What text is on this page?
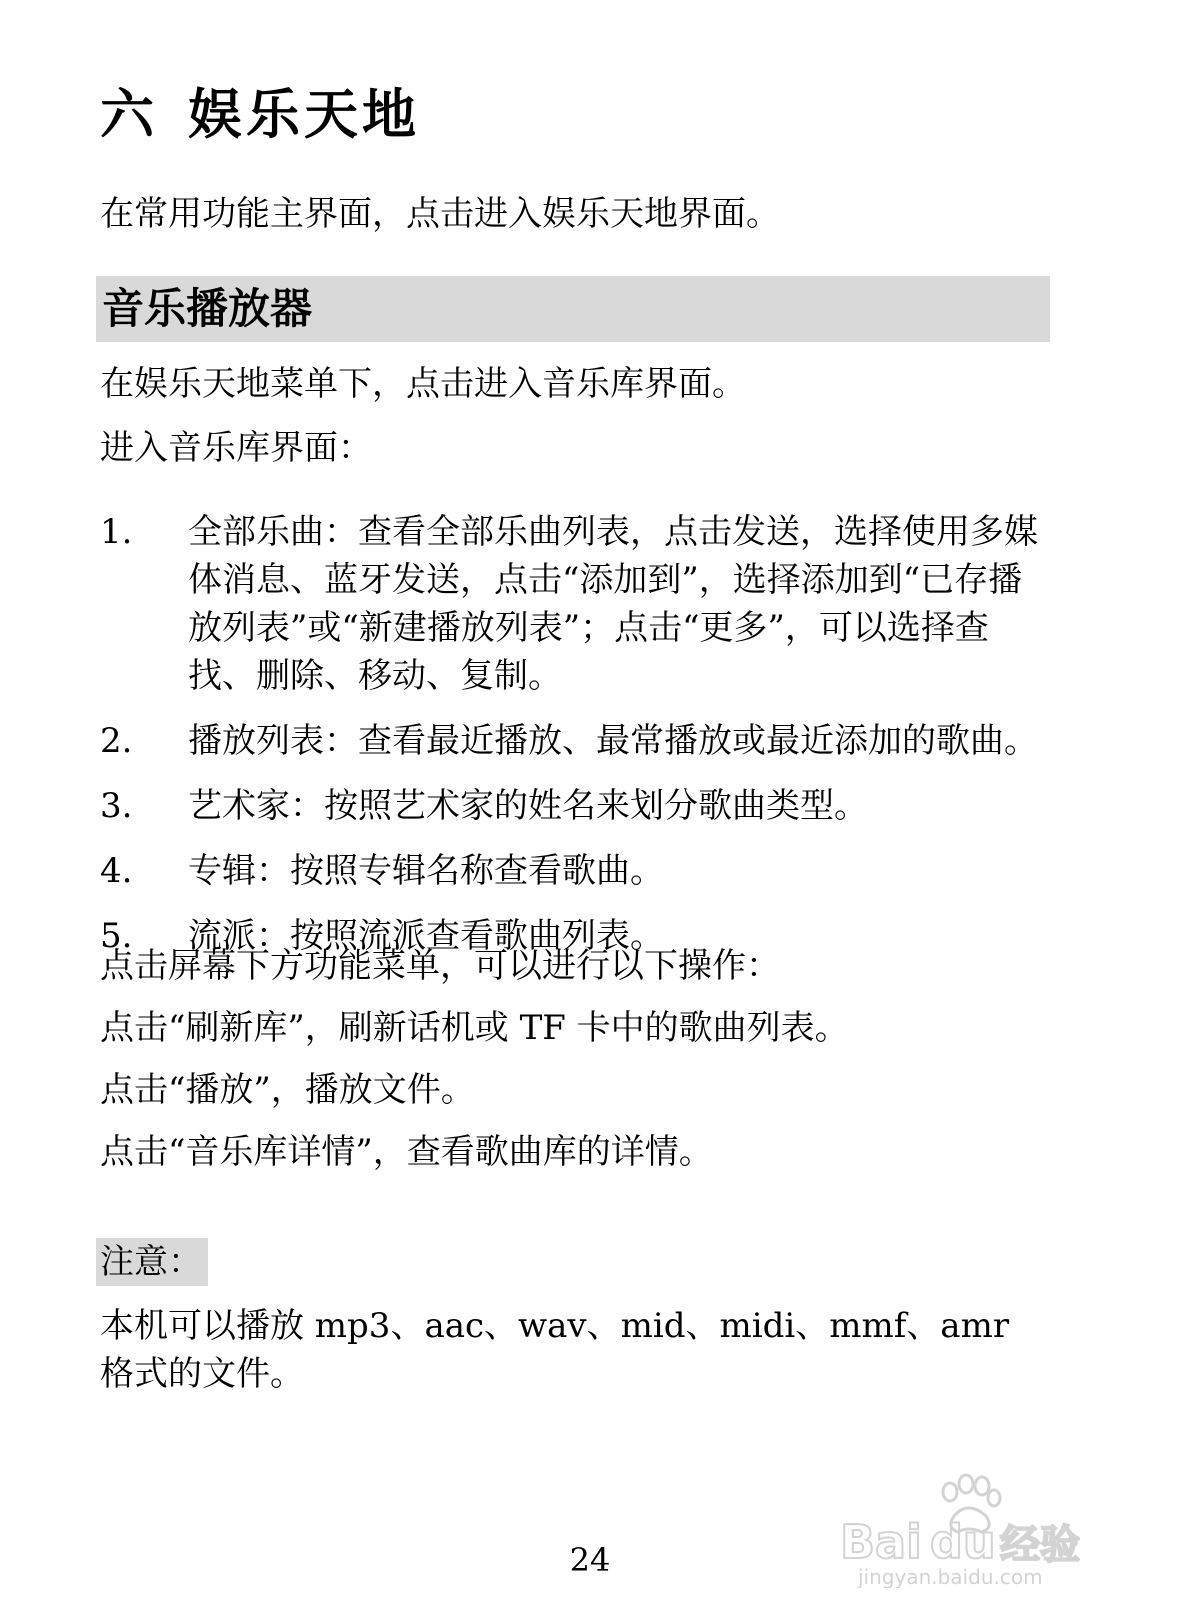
六 娱乐天地
在常用功能主界面，点击进入娱乐天地界面。
音乐播放器
在娱乐天地菜单下，点击进入音乐库界面。
进入音乐库界面：
1.	全部乐曲：查看全部乐曲列表，点击发送，选择使用多媒体消息、蓝牙发送，点击“添加到”，选择添加到“已存播放列表”或“新建播放列表”；点击“更多”，可以选择查找、删除、移动、复制。
2.	播放列表：查看最近播放、最常播放或最近添加的歌曲。
3.	艺术家：按照艺术家的姓名来划分歌曲类型。
4.	专辑：按照专辑名称查看歌曲。
5.	流派：按照流派查看歌曲列表。
点击屏幕下方功能菜单，可以进行以下操作：
点击“刷新库”，刷新话机或 TF 卡中的歌曲列表。
点击“播放”，播放文件。
点击“音乐库详情”，查看歌曲库的详情。
注意：
本机可以播放 mp3、aac、wav、mid、midi、mmf、amr 格式的文件。
24	Bai du 经验
jingyan.baidu.com
